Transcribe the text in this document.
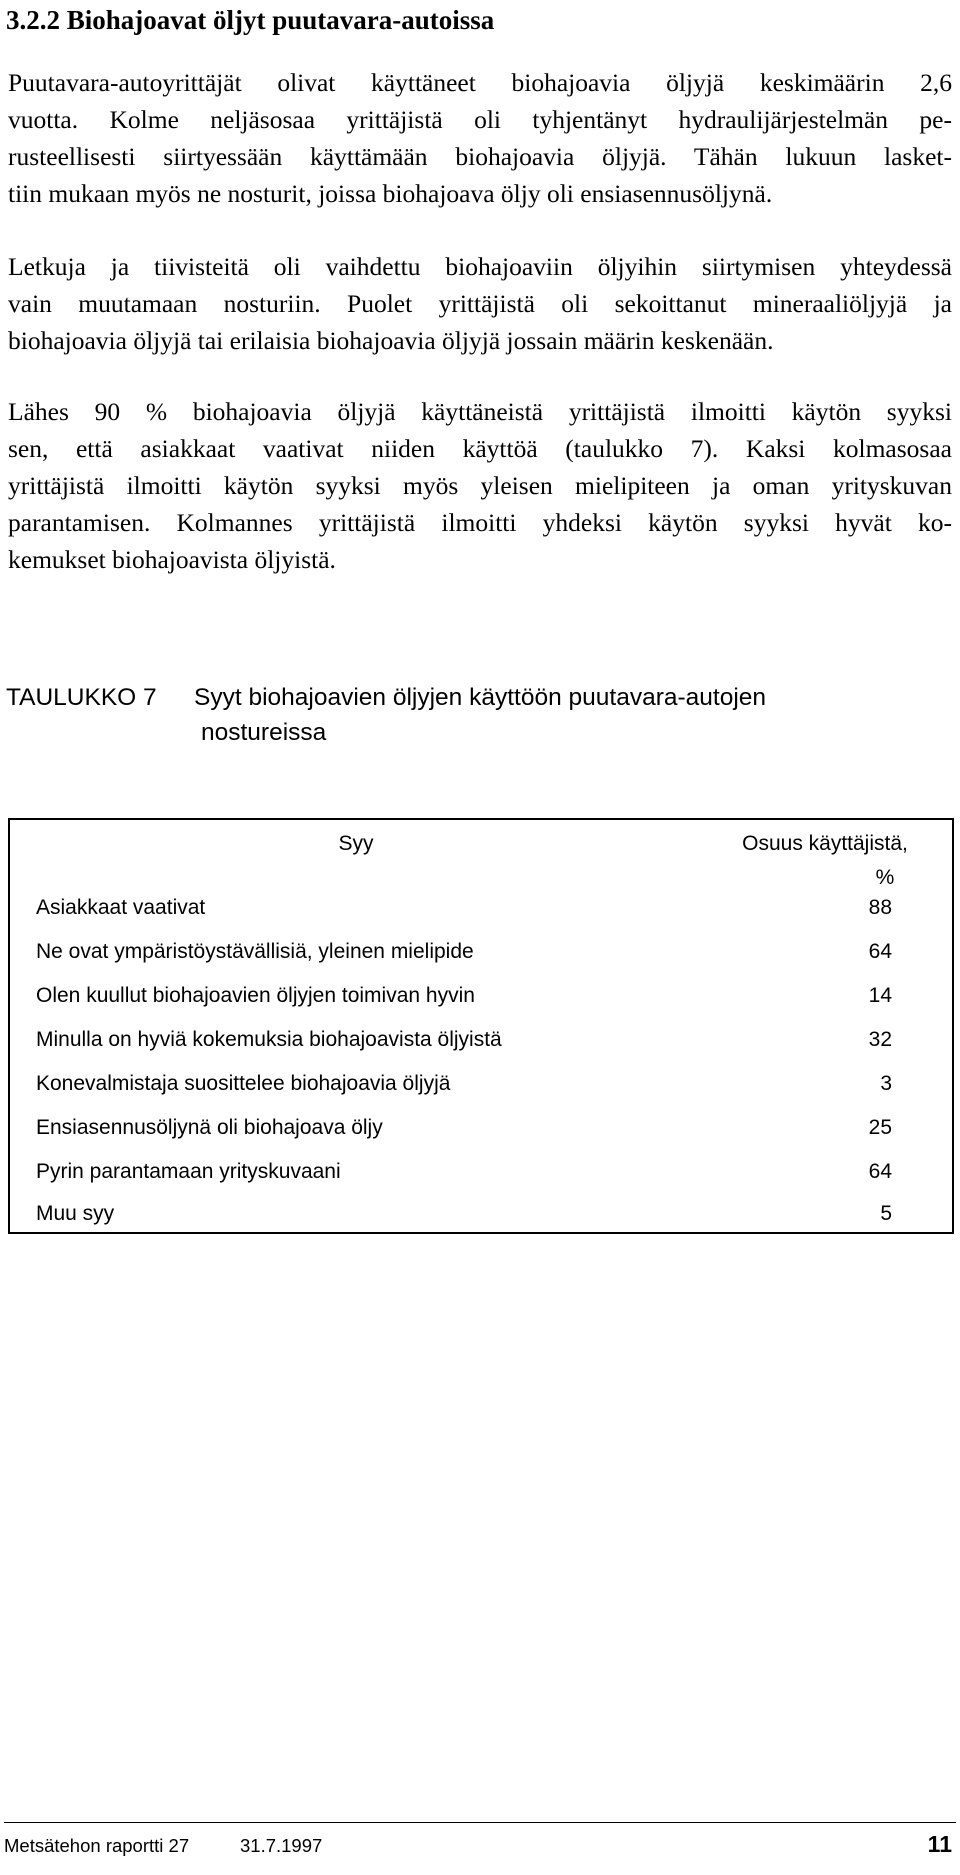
3.2.2 Biohajoavat öljyt puutavara-autoissa

Puutavara-autoyrittäjät olivat käyttäneet biohajoavia öljyjä keskimäärin 2,6
vuotta. Kolme neljäsosaa yrittäjistä oli tyhjentänyt hydraulijärjestelmän pe-
rusteellisesti siirtyessään käyttämään biohajoavia öljyjä. Tähän lukuun lasket-
tiin mukaan myös ne nosturit, joissa biohajoava öljy oli ensiasennusöljynä.

Letkuja ja tiivisteitä oli vaihdettu biohajoaviin öljyihin siirtymisen yhteydessä
vain muutamaan nosturiin. Puolet yrittäjistä oli sekoittanut mineraaliöljyjä ja
biohajoavia öljyjä tai erilaisia biohajoavia öljyjä jossain määrin keskenään.

Lähes 90 % biohajoavia öljyjä käyttäneistä yrittäjistä ilmoitti käytön syyksi
sen, että asiakkaat vaativat niiden käyttöä (taulukko 7). Kaksi kolmasosaa
yrittäjistä ilmoitti käytön syyksi myös yleisen mielipiteen ja oman yrityskuvan
parantamisen. Kolmannes yrittäjistä ilmoitti yhdeksi käytön syyksi hyvät ko-
kemukset biohajoavista öljyistä.

TAULUKKO 7 Syyt biohajoavien öljyjen käyttöön puutavara-autojen
nostureissa
Syy	Osuus käyttäjistä,
%
Asiakkaat vaativat	88
Ne ovat ympäristöystävällisiä, yleinen mielipide	64
Olen kuullut biohajoavien öljyjen toimivan hyvin	14
Minulla on hyviä kokemuksia biohajoavista öljyistä	32
Konevalmistaja suosittelee biohajoavia öljyjä	3
Ensiasennusöljynä oli biohajoava öljy	25
Pyrin parantamaan yrityskuvaani	64
Muu syy	5
Metsätehon raportti 27	31.7.1997	11
